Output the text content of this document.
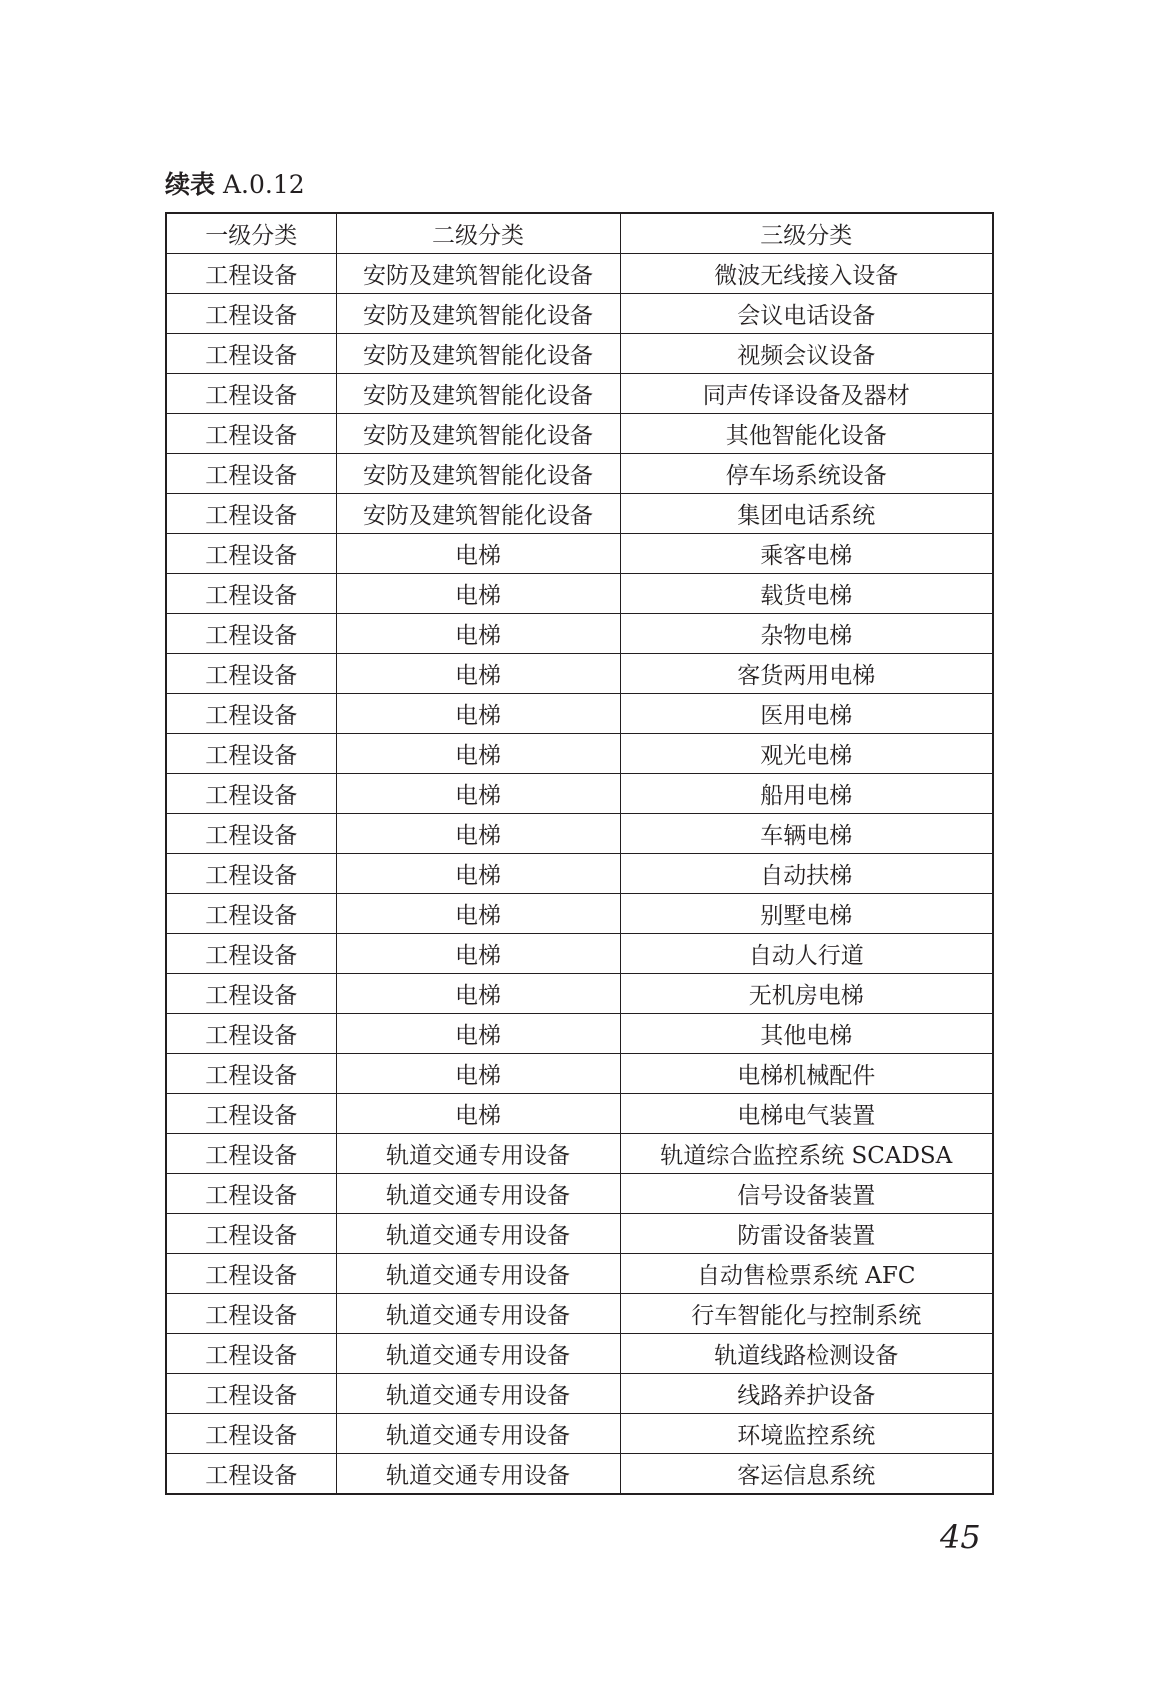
续表 A.0.12
一级分类	二级分类	三级分类
工程设备	安防及建筑智能化设备	微波无线接入设备
工程设备	安防及建筑智能化设备	会议电话设备
工程设备	安防及建筑智能化设备	视频会议设备
工程设备	安防及建筑智能化设备	同声传译设备及器材
工程设备	安防及建筑智能化设备	其他智能化设备
工程设备	安防及建筑智能化设备	停车场系统设备
工程设备	安防及建筑智能化设备	集团电话系统
工程设备	电梯	乘客电梯
工程设备	电梯	载货电梯
工程设备	电梯	杂物电梯
工程设备	电梯	客货两用电梯
工程设备	电梯	医用电梯
工程设备	电梯	观光电梯
工程设备	电梯	船用电梯
工程设备	电梯	车辆电梯
工程设备	电梯	自动扶梯
工程设备	电梯	别墅电梯
工程设备	电梯	自动人行道
工程设备	电梯	无机房电梯
工程设备	电梯	其他电梯
工程设备	电梯	电梯机械配件
工程设备	电梯	电梯电气装置
工程设备	轨道交通专用设备	轨道综合监控系统 SCADSA
工程设备	轨道交通专用设备	信号设备装置
工程设备	轨道交通专用设备	防雷设备装置
工程设备	轨道交通专用设备	自动售检票系统 AFC
工程设备	轨道交通专用设备	行车智能化与控制系统
工程设备	轨道交通专用设备	轨道线路检测设备
工程设备	轨道交通专用设备	线路养护设备
工程设备	轨道交通专用设备	环境监控系统
工程设备	轨道交通专用设备	客运信息系统
45
